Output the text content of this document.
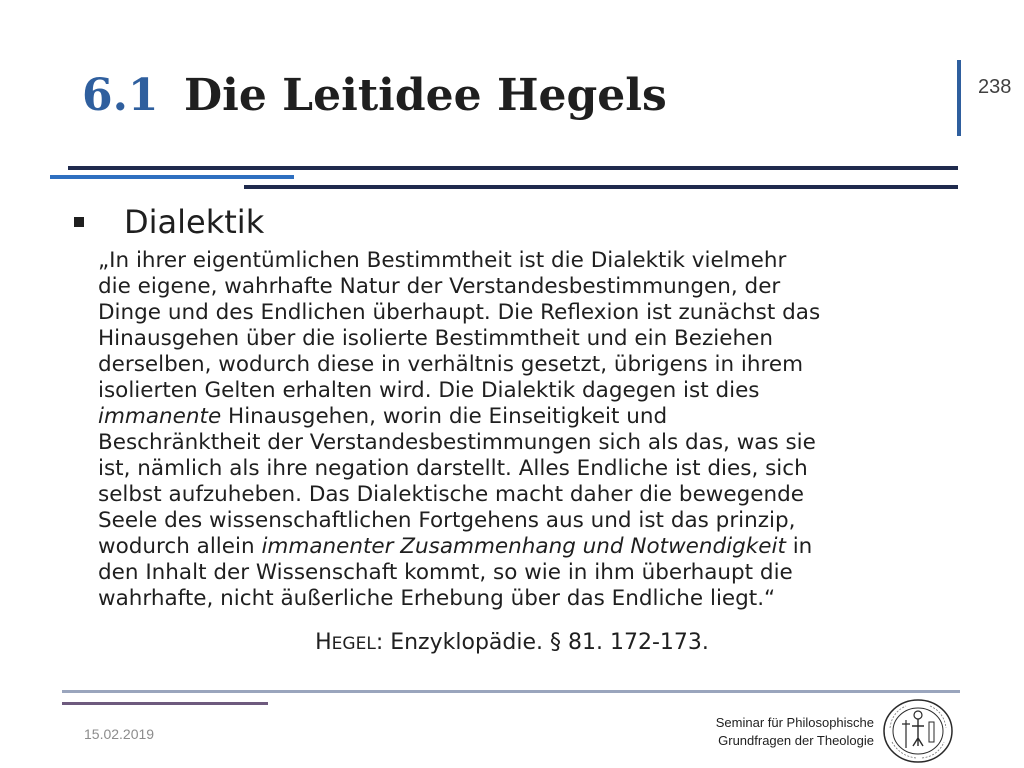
6.1 Die Leitidee Hegels	238
Dialektik
„In ihrer eigentümlichen Bestimmtheit ist die Dialektik vielmehr
die eigene, wahrhafte Natur der Verstandesbestimmungen, der
Dinge und des Endlichen überhaupt. Die Reflexion ist zunächst das
Hinausgehen über die isolierte Bestimmtheit und ein Beziehen
derselben, wodurch diese in verhältnis gesetzt, übrigens in ihrem
isolierten Gelten erhalten wird. Die Dialektik dagegen ist dies
immanente Hinausgehen, worin die Einseitigkeit und
Beschränktheit der Verstandesbestimmungen sich als das, was sie
ist, nämlich als ihre negation darstellt. Alles Endliche ist dies, sich
selbst aufzuheben. Das Dialektische macht daher die bewegende
Seele des wissenschaftlichen Fortgehens aus und ist das prinzip,
wodurch allein immanenter Zusammenhang und Notwendigkeit in
den Inhalt der Wissenschaft kommt, so wie in ihm überhaupt die
wahrhafte, nicht äußerliche Erhebung über das Endliche liegt.“
HEGEL: Enzyklopädie. § 81. 172-173.
15.02.2019
Seminar für Philosophische
Grundfragen der Theologie
